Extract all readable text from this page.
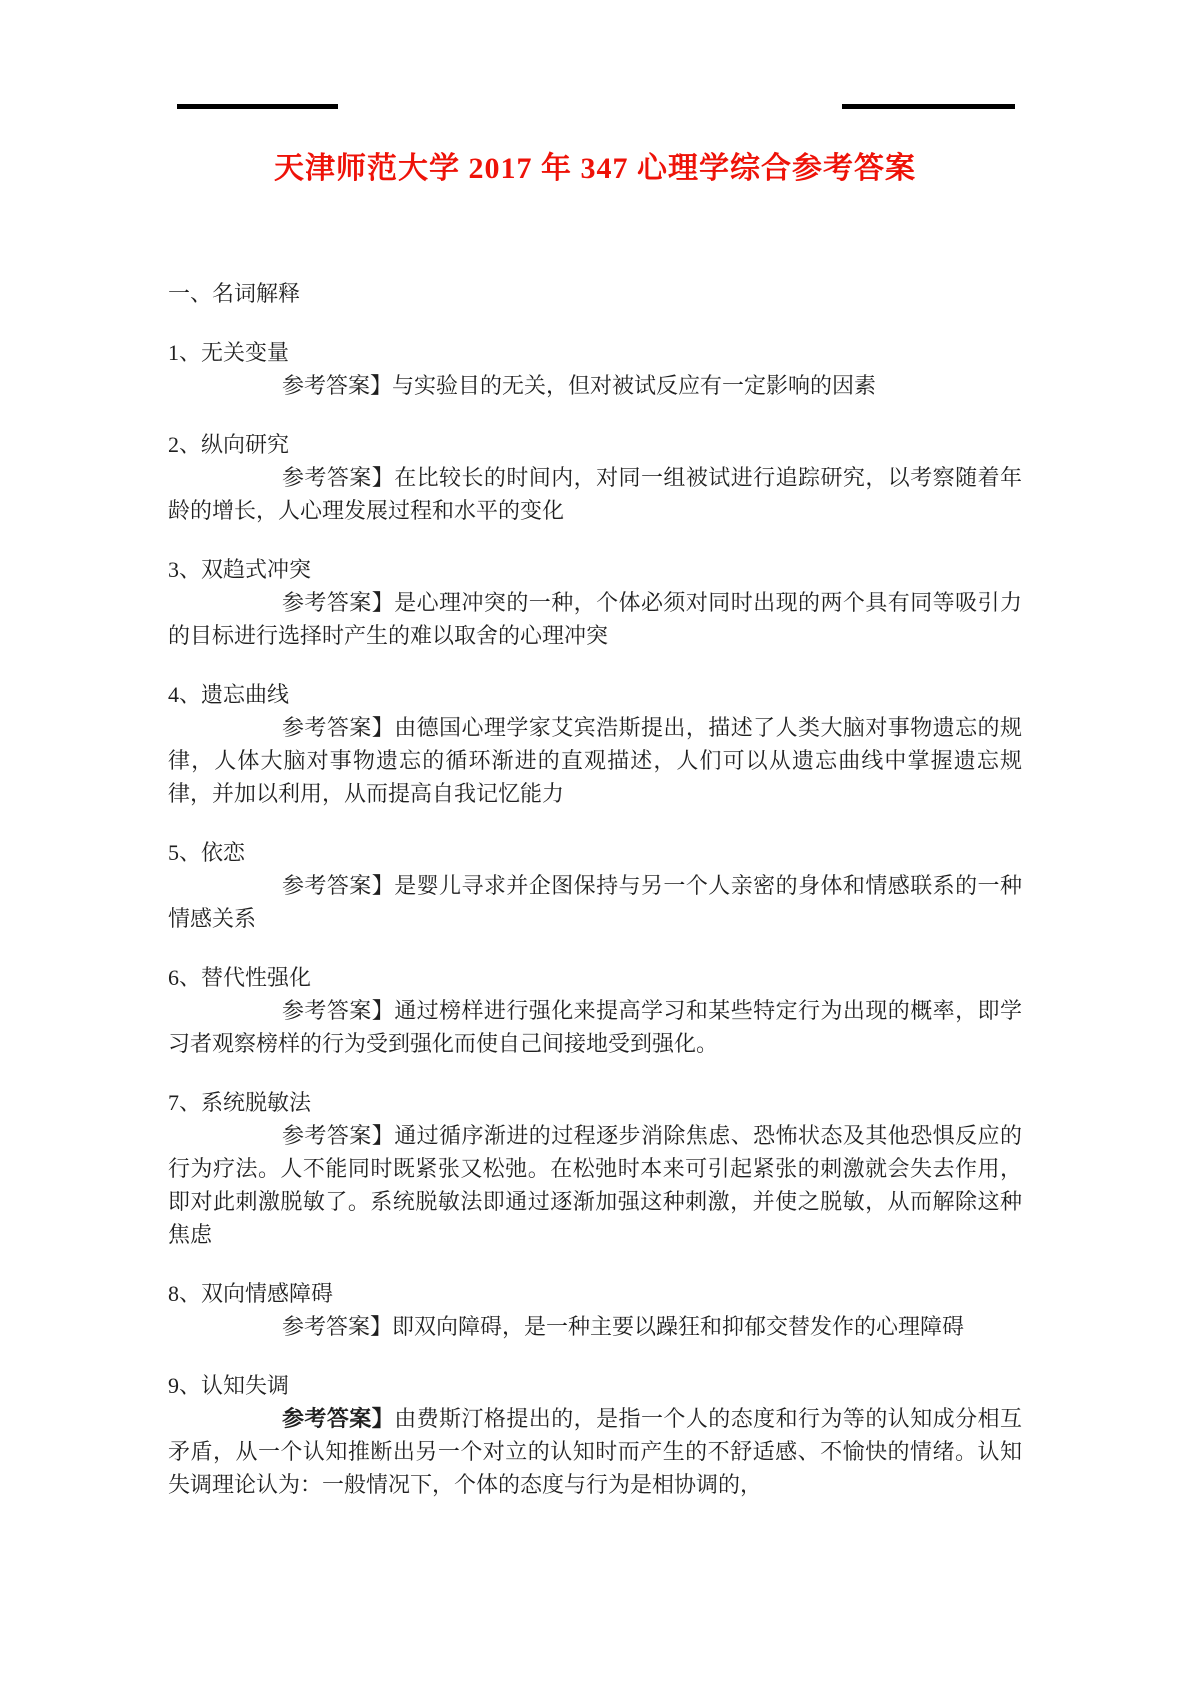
天津师范大学 2017 年 347 心理学综合参考答案
一、名词解释
1、无关变量

参考答案】与实验目的无关，但对被试反应有一定影响的因素

2、纵向研究

参考答案】在比较长的时间内，对同一组被试进行追踪研究，以考察随着年龄的增长，人心理发展过程和水平的变化

3、双趋式冲突

参考答案】是心理冲突的一种，个体必须对同时出现的两个具有同等吸引力的目标进行选择时产生的难以取舍的心理冲突

4、遗忘曲线

参考答案】由德国心理学家艾宾浩斯提出，描述了人类大脑对事物遗忘的规律，人体大脑对事物遗忘的循环渐进的直观描述，人们可以从遗忘曲线中掌握遗忘规律，并加以利用，从而提高自我记忆能力

5、依恋

参考答案】是婴儿寻求并企图保持与另一个人亲密的身体和情感联系的一种情感关系

6、替代性强化

参考答案】通过榜样进行强化来提高学习和某些特定行为出现的概率，即学习者观察榜样的行为受到强化而使自己间接地受到强化。

7、系统脱敏法

参考答案】通过循序渐进的过程逐步消除焦虑、恐怖状态及其他恐惧反应的行为疗法。人不能同时既紧张又松弛。在松弛时本来可引起紧张的刺激就会失去作用，即对此刺激脱敏了。系统脱敏法即通过逐渐加强这种刺激，并使之脱敏，从而解除这种焦虑

8、双向情感障碍

参考答案】即双向障碍，是一种主要以躁狂和抑郁交替发作的心理障碍

9、认知失调

参考答案】由费斯汀格提出的，是指一个人的态度和行为等的认知成分相互矛盾，从一个认知推断出另一个对立的认知时而产生的不舒适感、不愉快的情绪。认知失调理论认为：一般情况下，个体的态度与行为是相协调的，
